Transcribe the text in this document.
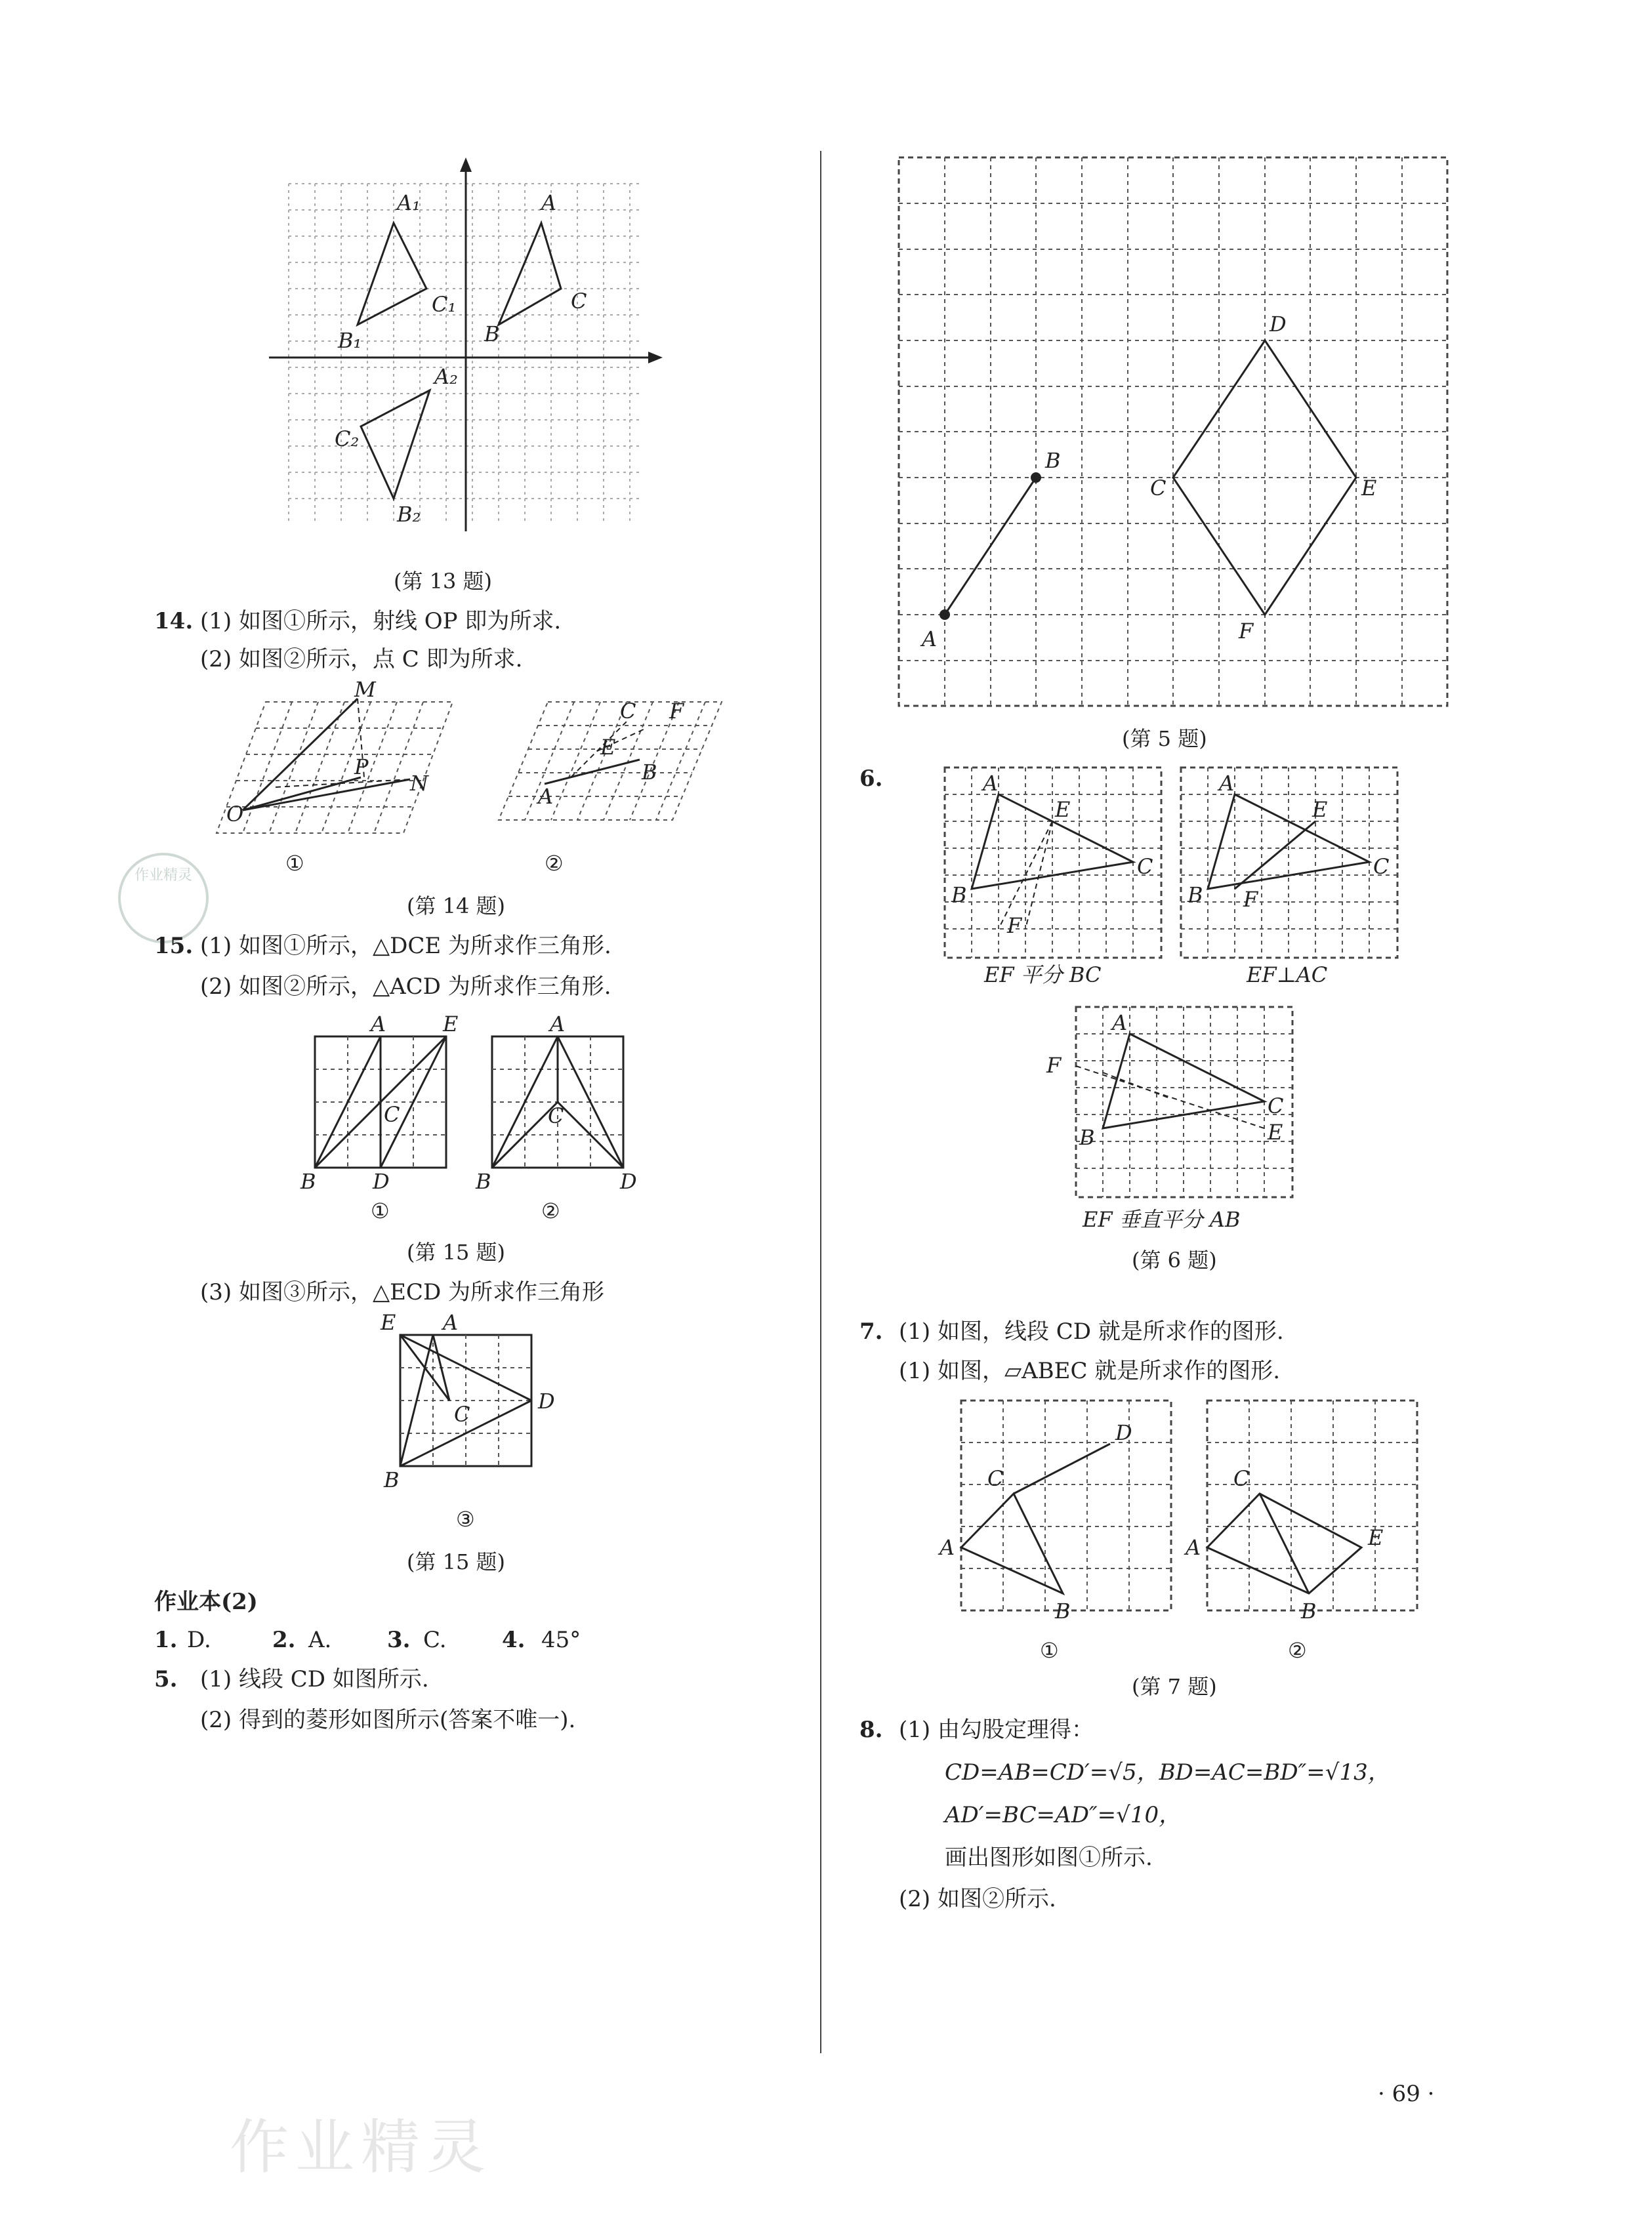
作业精灵
作业精灵
A₁
C₁
B₁
A
C
B
A₂
C₂
B₂
(第 13 题)
14. (1) 如图①所示，射线 OP 即为所求.
(2) 如图②所示，点 C 即为所求.
M
P
N
O
①
C F
E
A
B
②
(第 14 题)
15. (1) 如图①所示，△DCE 为所求作三角形.
(2) 如图②所示，△ACD 为所求作三角形.
A	E
C
B	D
①
A
C
B	D
②
(第 15 题)
(3) 如图③所示，△ECD 为所求作三角形
E A
D
C
B
③
(第 15 题)
作业本(2)
1. D.	2. A. 3. C. 4. 45°
5. (1) 线段 CD 如图所示.
(2) 得到的菱形如图所示(答案不唯一).
A
B
D
C	E
F
(第 5 题)
6.	A
E
C
B
F
EF 平分 BC
A
E
C
B F
EF⊥AC
A
F
C
E
B
EF 垂直平分 AB
(第 6 题)
7. (1) 如图，线段 CD 就是所求作的图形.
(1) 如图，▱ABEC 就是所求作的图形.
D
C
A
B
①
C
E
A
B
②
(第 7 题)
8. (1) 由勾股定理得：
CD=AB=CD′=√5，BD=AC=BD″=√13，
AD′=BC=AD″=√10，
画出图形如图①所示.
(2) 如图②所示.
· 69 ·
